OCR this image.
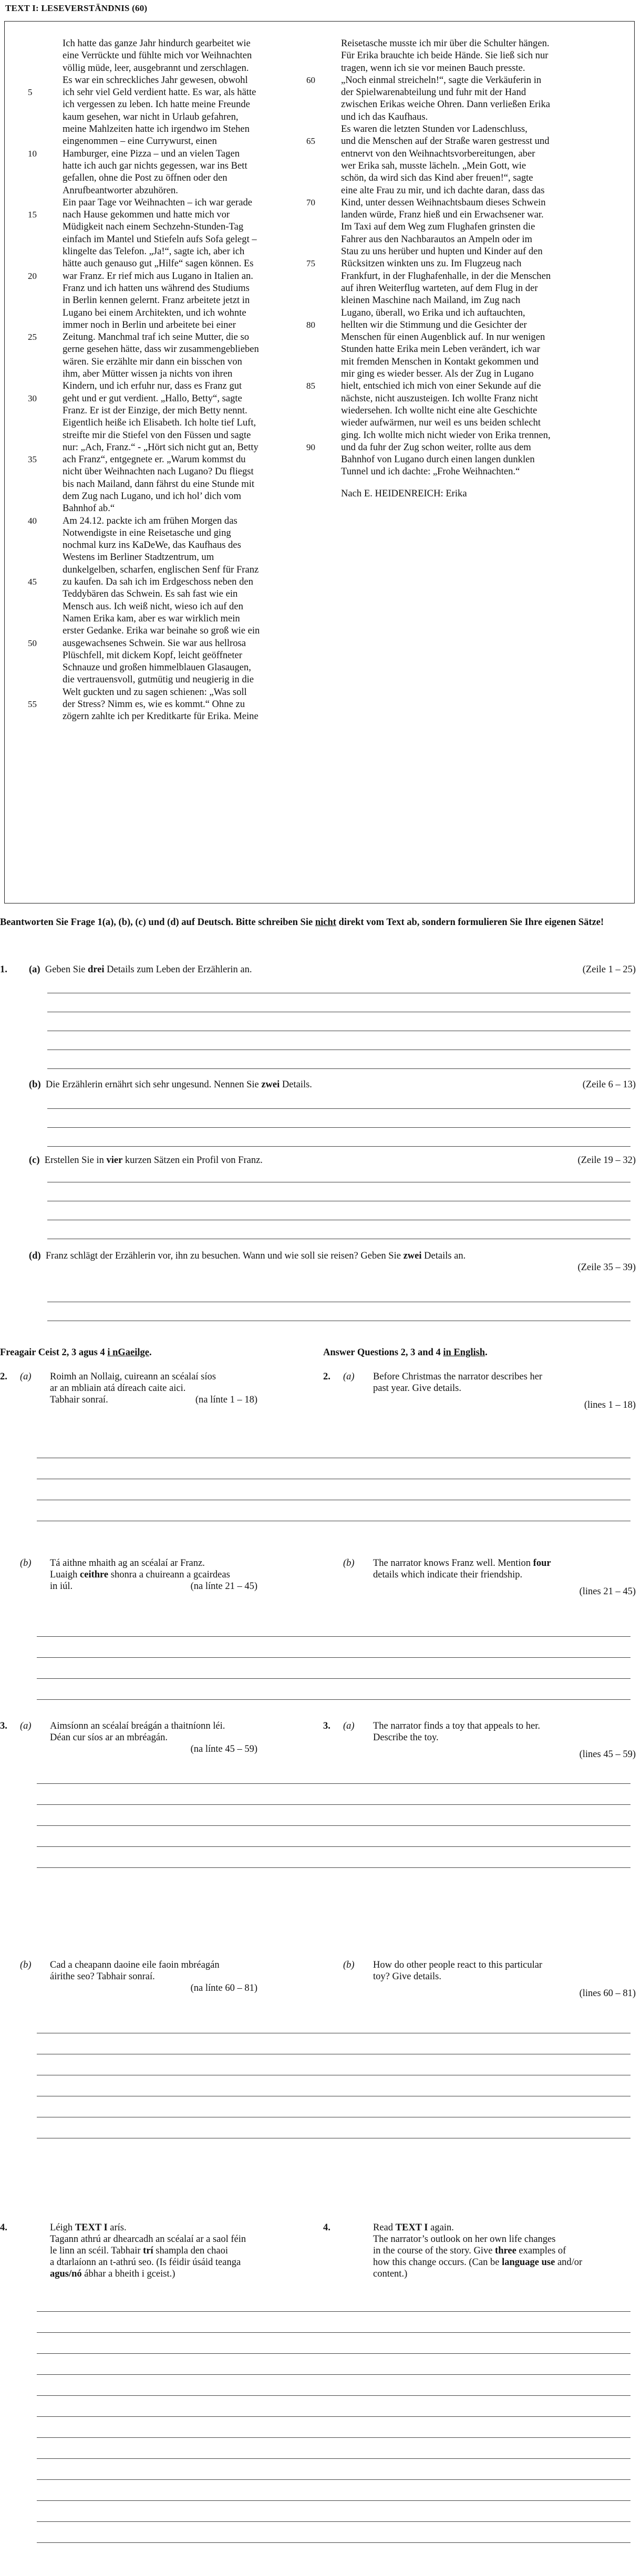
TEXT I: LESEVERSTÄNDNIS (60)
Ich hatte das ganze Jahr hindurch gearbeitet wie
eine Verrückte und fühlte mich vor Weihnachten
völlig müde, leer, ausgebrannt und zerschlagen.
Es war ein schreckliches Jahr gewesen, obwohl
ich sehr viel Geld verdient hatte. Es war, als hätte
ich vergessen zu leben. Ich hatte meine Freunde
kaum gesehen, war nicht in Urlaub gefahren,
meine Mahlzeiten hatte ich irgendwo im Stehen
eingenommen – eine Currywurst, einen
Hamburger, eine Pizza – und an vielen Tagen
hatte ich auch gar nichts gegessen, war ins Bett
gefallen, ohne die Post zu öffnen oder den
Anrufbeantworter abzuhören.
Ein paar Tage vor Weihnachten – ich war gerade
nach Hause gekommen und hatte mich vor
Müdigkeit nach einem Sechzehn-Stunden-Tag
einfach im Mantel und Stiefeln aufs Sofa gelegt –
klingelte das Telefon. „Ja!“, sagte ich, aber ich
hätte auch genauso gut „Hilfe“ sagen können. Es
war Franz. Er rief mich aus Lugano in Italien an.
Franz und ich hatten uns während des Studiums
in Berlin kennen gelernt. Franz arbeitete jetzt in
Lugano bei einem Architekten, und ich wohnte
immer noch in Berlin und arbeitete bei einer
Zeitung. Manchmal traf ich seine Mutter, die so
gerne gesehen hätte, dass wir zusammengeblieben
wären. Sie erzählte mir dann ein bisschen von
ihm, aber Mütter wissen ja nichts von ihren
Kindern, und ich erfuhr nur, dass es Franz gut
geht und er gut verdient. „Hallo, Betty“, sagte
Franz. Er ist der Einzige, der mich Betty nennt.
Eigentlich heiße ich Elisabeth. Ich holte tief Luft,
streifte mir die Stiefel von den Füssen und sagte
nur: „Ach, Franz.“ - „Hört sich nicht gut an, Betty
ach Franz“, entgegnete er. „Warum kommst du
nicht über Weihnachten nach Lugano? Du fliegst
bis nach Mailand, dann fährst du eine Stunde mit
dem Zug nach Lugano, und ich hol’ dich vom
Bahnhof ab.“
Am 24.12. packte ich am frühen Morgen das
Notwendigste in eine Reisetasche und ging
nochmal kurz ins KaDeWe, das Kaufhaus des
Westens im Berliner Stadtzentrum, um
dunkelgelben, scharfen, englischen Senf für Franz
zu kaufen. Da sah ich im Erdgeschoss neben den
Teddybären das Schwein. Es sah fast wie ein
Mensch aus. Ich weiß nicht, wieso ich auf den
Namen Erika kam, aber es war wirklich mein
erster Gedanke. Erika war beinahe so groß wie ein
ausgewachsenes Schwein. Sie war aus hellrosa
Plüschfell, mit dickem Kopf, leicht geöffneter
Schnauze und großen himmelblauen Glasaugen,
die vertrauensvoll, gutmütig und neugierig in die
Welt guckten und zu sagen schienen: „Was soll
der Stress? Nimm es, wie es kommt.“ Ohne zu
zögern zahlte ich per Kreditkarte für Erika. Meine
Reisetasche musste ich mir über die Schulter hängen.
Für Erika brauchte ich beide Hände. Sie ließ sich nur
tragen, wenn ich sie vor meinen Bauch presste.
„Noch einmal streicheln!“, sagte die Verkäuferin in
der Spielwarenabteilung und fuhr mit der Hand
zwischen Erikas weiche Ohren. Dann verließen Erika
und ich das Kaufhaus.
Es waren die letzten Stunden vor Ladenschluss,
und die Menschen auf der Straße waren gestresst und
entnervt von den Weihnachtsvorbereitungen, aber
wer Erika sah, musste lächeln. „Mein Gott, wie
schön, da wird sich das Kind aber freuen!“, sagte
eine alte Frau zu mir, und ich dachte daran, dass das
Kind, unter dessen Weihnachtsbaum dieses Schwein
landen würde, Franz hieß und ein Erwachsener war.
Im Taxi auf dem Weg zum Flughafen grinsten die
Fahrer aus den Nachbarautos an Ampeln oder im
Stau zu uns herüber und hupten und Kinder auf den
Rücksitzen winkten uns zu. Im Flugzeug nach
Frankfurt, in der Flughafenhalle, in der die Menschen
auf ihren Weiterflug warteten, auf dem Flug in der
kleinen Maschine nach Mailand, im Zug nach
Lugano, überall, wo Erika und ich auftauchten,
hellten wir die Stimmung und die Gesichter der
Menschen für einen Augenblick auf. In nur wenigen
Stunden hatte Erika mein Leben verändert, ich war
mit fremden Menschen in Kontakt gekommen und
mir ging es wieder besser. Als der Zug in Lugano
hielt, entschied ich mich von einer Sekunde auf die
nächste, nicht auszusteigen. Ich wollte Franz nicht
wiedersehen. Ich wollte nicht eine alte Geschichte
wieder aufwärmen, nur weil es uns beiden schlecht
ging. Ich wollte mich nicht wieder von Erika trennen,
und da fuhr der Zug schon weiter, rollte aus dem
Bahnhof von Lugano durch einen langen dunklen
Tunnel und ich dachte: „Frohe Weihnachten.“
Nach E. HEIDENREICH: Erika
5
10
15
20
25
30
35
40
45
50
55
60
65
70
75
80
85
90
Beantworten Sie Frage 1(a), (b), (c) und (d) auf Deutsch. Bitte schreiben Sie nicht direkt vom Text ab, sondern formulieren Sie Ihre eigenen Sätze!
1. (a) Geben Sie drei Details zum Leben der Erzählerin an.	(Zeile 1 – 25)
(b) Die Erzählerin ernährt sich sehr ungesund. Nennen Sie zwei Details.	(Zeile 6 – 13)
(c) Erstellen Sie in vier kurzen Sätzen ein Profil von Franz.	(Zeile 19 – 32)
(d) Franz schlägt der Erzählerin vor, ihn zu besuchen. Wann und wie soll sie reisen? Geben Sie zwei Details an.
(Zeile 35 – 39)
Freagair Ceist 2, 3 agus 4 i nGaeilge.	Answer Questions 2, 3 and 4 in English.
2. (a) Roimh an Nollaig, cuireann an scéalaí síos
ar an mbliain atá díreach caite aici.
Tabhair sonraí.	(na línte 1 – 18)
2. (a) Before Christmas the narrator describes her
past year. Give details.
(lines 1 – 18)
(b) Tá aithne mhaith ag an scéalaí ar Franz.
Luaigh ceithre shonra a chuireann a gcairdeas
in iúl.	(na línte 21 – 45)
(b) The narrator knows Franz well. Mention four
details which indicate their friendship.
(lines 21 – 45)
3. (a) Aimsíonn an scéalaí breágán a thaitníonn léi.
Déan cur síos ar an mbréagán.
(na línte 45 – 59)
3. (a) The narrator finds a toy that appeals to her.
Describe the toy.
(lines 45 – 59)
(b) Cad a cheapann daoine eile faoin mbréagán
áirithe seo? Tabhair sonraí.
(na línte 60 – 81)
(b) How do other people react to this particular
toy? Give details.
(lines 60 – 81)
4.	Léigh TEXT I arís.
Tagann athrú ar dhearcadh an scéalaí ar a saol féin
le linn an scéil. Tabhair trí shampla den chaoi
a dtarlaíonn an t-athrú seo. (Is féidir úsáid teanga
agus/nó ábhar a bheith i gceist.)
4.	Read TEXT I again.
The narrator’s outlook on her own life changes
in the course of the story. Give three examples of
how this change occurs. (Can be language use and/or
content.)
